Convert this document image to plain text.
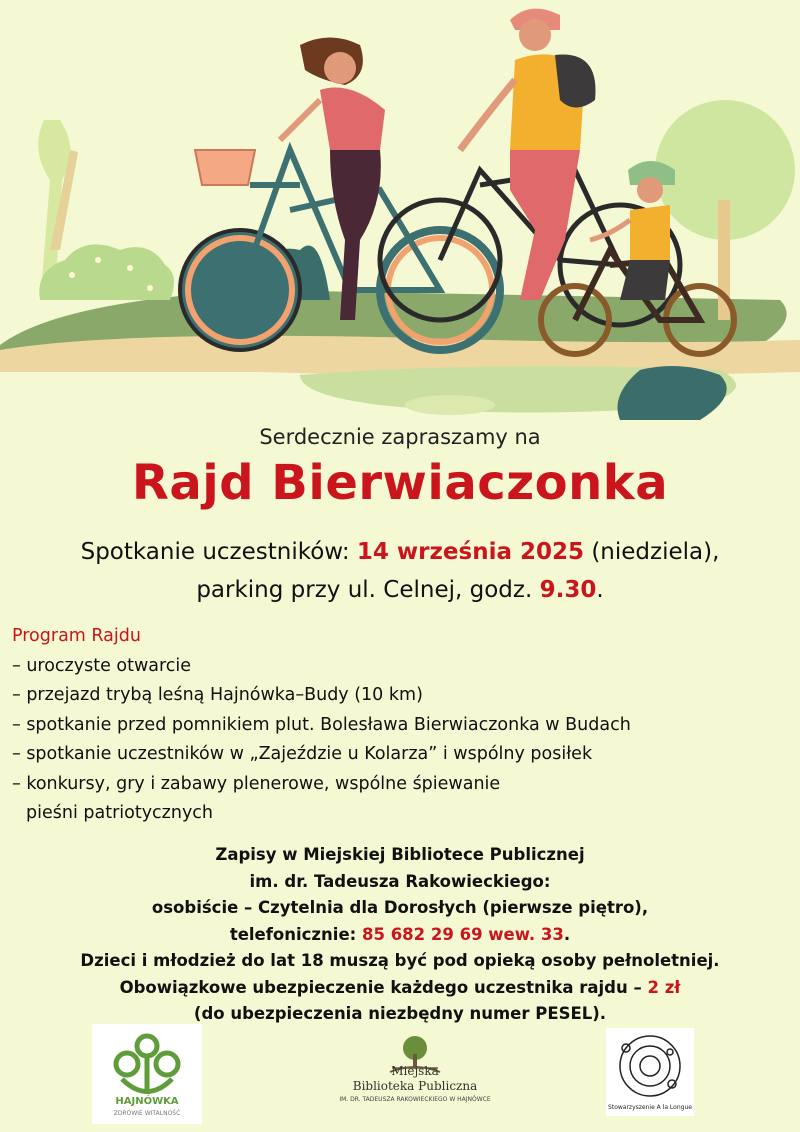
Serdecznie zapraszamy na
Rajd Bierwiaczonka
Spotkanie uczestników: 14 września 2025 (niedziela),
parking przy ul. Celnej, godz. 9.30.
Program Rajdu
– uroczyste otwarcie
– przejazd trybą leśną Hajnówka–Budy (10 km)
– spotkanie przed pomnikiem plut. Bolesława Bierwiaczonka w Budach
– spotkanie uczestników w „Zajeździe u Kolarza” i wspólny posiłek
– konkursy, gry i zabawy plenerowe, wspólne śpiewanie
pieśni patriotycznych
Zapisy w Miejskiej Bibliotece Publicznej
im. dr. Tadeusza Rakowieckiego:
osobiście – Czytelnia dla Dorosłych (pierwsze piętro),
telefonicznie: 85 682 29 69 wew. 33.
Dzieci i młodzież do lat 18 muszą być pod opieką osoby pełnoletniej.
Obowiązkowe ubezpieczenie każdego uczestnika rajdu – 2 zł
(do ubezpieczenia niezbędny numer PESEL).
HAJNÓWKA
ZDROWIE WITALNOŚĆ
Miejska
Biblioteka Publiczna
IM. DR. TADEUSZA RAKOWIECKIEGO W HAJNÓWCE
Stowarzyszenie A la Longue
